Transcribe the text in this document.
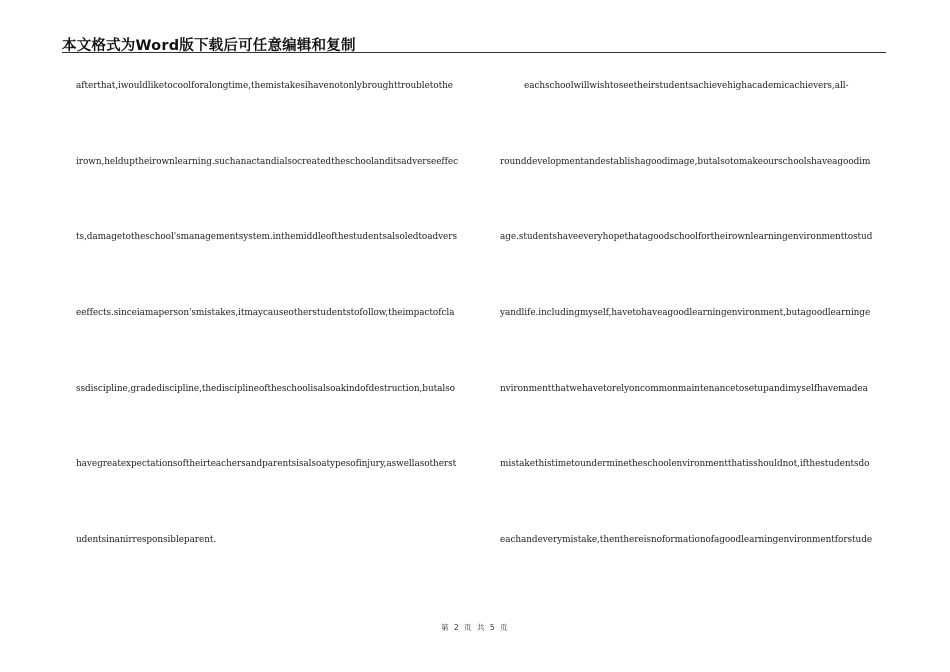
本文格式为Word版下载后可任意编辑和复制
afterthat,iwouldliketocoolforalongtime,themistakesihavenotonlybroughttroubletothe
irown,helduptheirownlearning.suchanactandialsocreatedtheschoolanditsadverseeffec
ts,damagetotheschool'smanagementsystem.inthemiddleofthestudentsalsoledtoadvers
eeffects.sinceiamaperson'smistakes,itmaycauseotherstudentstofollow,theimpactofcla
ssdiscipline,gradediscipline,thedisciplineoftheschoolisalsoakindofdestruction,butalso
havegreatexpectationsoftheirteachersandparentsisalsoatypesofinjury,aswellasotherst
udentsinanirresponsibleparent.
eachschoolwillwishtoseetheirstudentsachievehighacademicachievers,all-
rounddevelopmentandestablishagoodimage,butalsotomakeourschoolshaveagoodim
age.studentshaveeveryhopethatagoodschoolfortheirownlearningenvironmenttostud
yandlife.includingmyself,havetohaveagoodlearningenvironment,butagoodlearninge
nvironmentthatwehavetorelyoncommonmaintenancetosetupandimyselfhavemadea
mistakethistimetounderminetheschoolenvironmentthatisshouldnot,ifthestudentsdo
eachandeverymistake,thenthereisnoformationofagoodlearningenvironmentforstude
第 2 页 共 5 页
